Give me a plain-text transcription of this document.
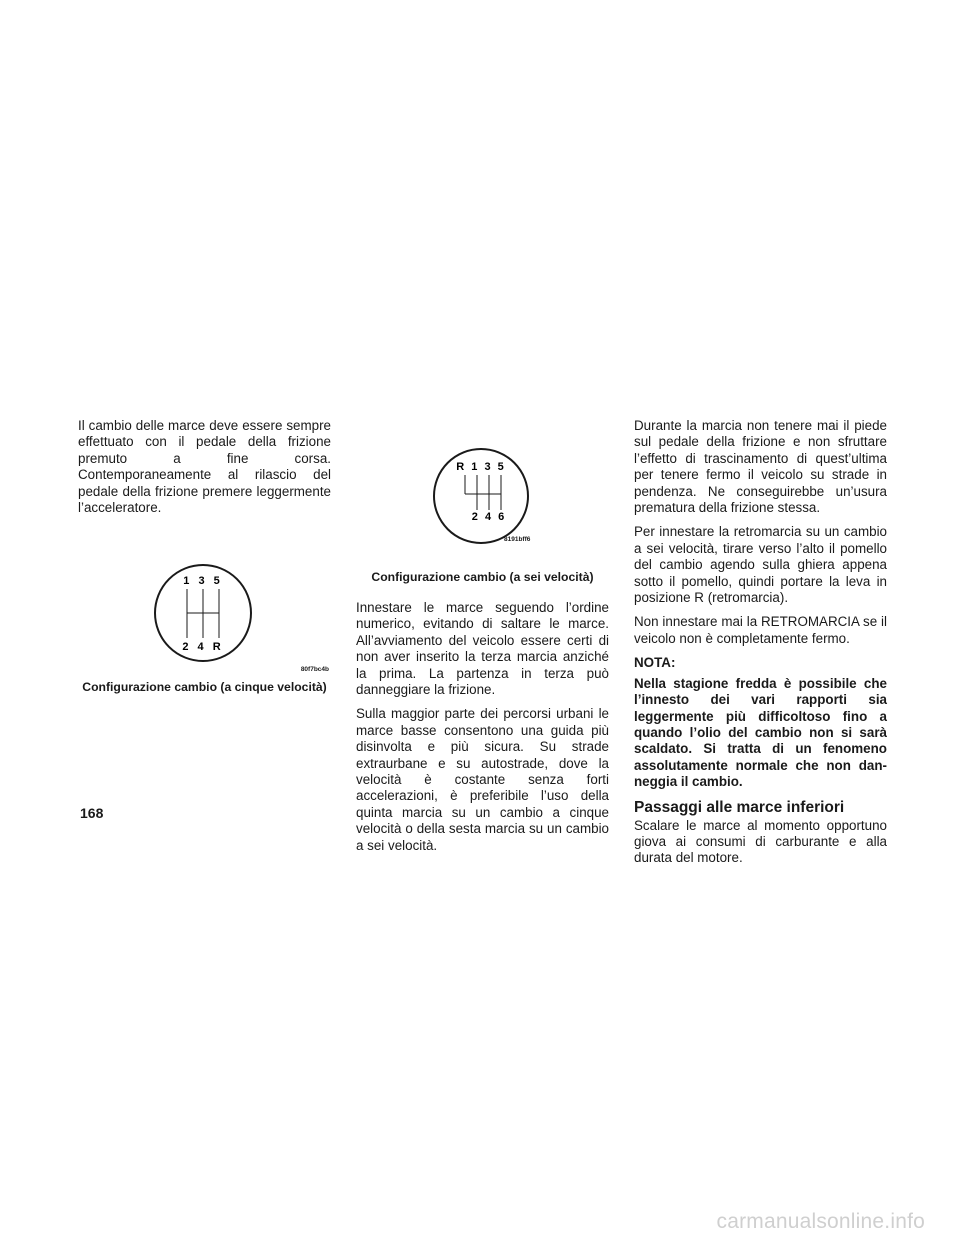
Il cambio delle marce deve essere sempre effettuato con il pedale della frizione premuto a fine corsa. Contemporaneamente al rilascio del pedale della frizione premere leggermente l’acceleratore.

1 3 5
2 4 R
80f7bc4b
Configurazione cambio (a cinque velocità)
R 1 3 5
2 4 6
8191bff6
Configurazione cambio (a sei velocità)

Innestare le marce seguendo l’ordine numerico, evitando di saltare le marce. All’avviamento del veicolo essere certi di non aver inserito la terza marcia anziché la prima. La partenza in terza può danneggiare la frizione.

Sulla maggior parte dei percorsi urbani le marce basse consentono una guida più disinvolta e più sicura. Su strade extraurbane e su autostrade, dove la velocità è costante senza forti accelerazioni, è preferibile l’uso della quinta marcia su un cambio a cinque velocità o della sesta marcia su un cambio a sei velocità.

Durante la marcia non tenere mai il piede sul pedale della frizione e non sfruttare l’effetto di trascinamento di quest’ultima per tenere fermo il veicolo su strade in pendenza. Ne conseguirebbe un’usura prematura della frizione stessa.

Per innestare la retromarcia su un cambio a sei velocità, tirare verso l’alto il pomello del cambio agendo sulla ghiera appena sotto il pomello, quindi portare la leva in posizione R (retromarcia).

Non innestare mai la RETROMARCIA se il veicolo non è completamente fermo.

NOTA:

Nella stagione fredda è possibile che l’innesto dei vari rapporti sia leggermente più difficoltoso fino a quando l’olio del cambio non si sarà scaldato. Si tratta di un fenomeno assolutamente normale che non danneggia il cambio.

Passaggi alle marce inferiori

Scalare le marce al momento opportuno giova ai consumi di carburante e alla durata del motore.

168
carmanualsonline.info
